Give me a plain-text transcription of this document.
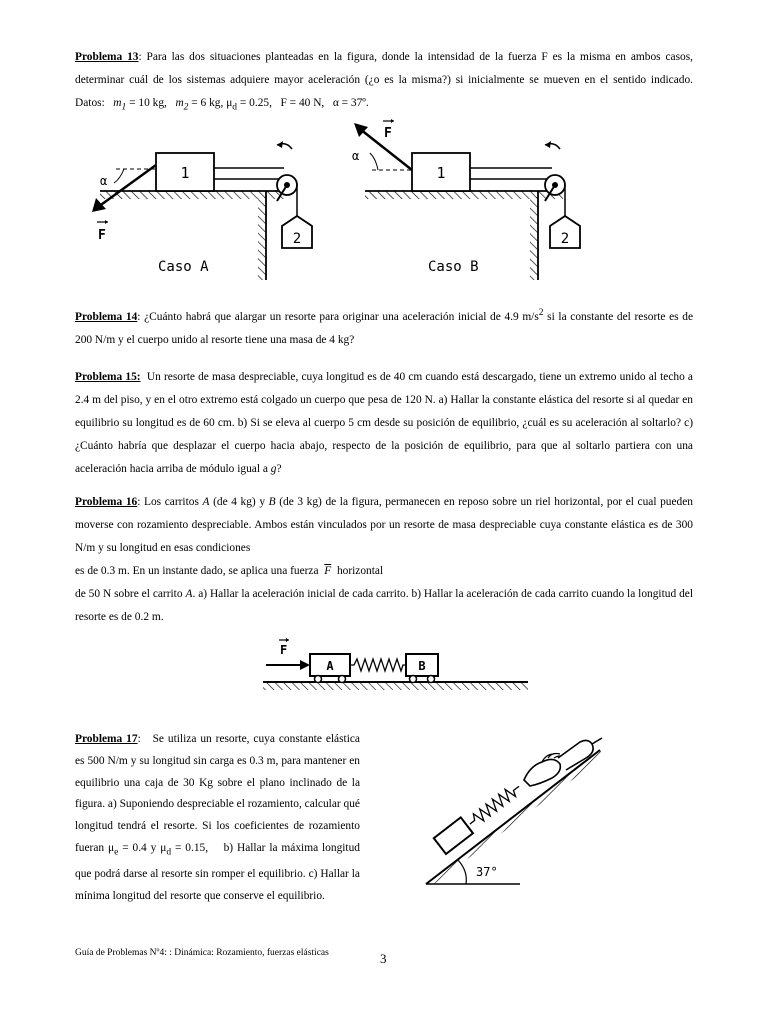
Problema 13: Para las dos situaciones planteadas en la figura, donde la intensidad de la fuerza F es la misma en ambos casos, determinar cuál de los sistemas adquiere mayor aceleración (¿o es la misma?) si inicialmente se mueven en el sentido indicado. Datos: $m_1 = 10$ kg, $m_2 = 6$ kg, $\mu_d = 0.25$, F = 40 N, α = 37º.

1
2
α
F
Caso A
1
2
α
F
Caso B

Problema 14: ¿Cuánto habrá que alargar un resorte para originar una aceleración inicial de 4.9 $m/s^2$ si la constante del resorte es de 200 N/m y el cuerpo unido al resorte tiene una masa de 4 kg?

Problema 15: Un resorte de masa despreciable, cuya longitud es de 40 cm cuando está descargado, tiene un extremo unido al techo a 2.4 m del piso, y en el otro extremo está colgado un cuerpo que pesa de 120 N. a) Hallar la constante elástica del resorte si al quedar en equilibrio su longitud es de 60 cm. b) Si se eleva al cuerpo 5 cm desde su posición de equilibrio, ¿cuál es su aceleración al soltarlo? c) ¿Cuánto habría que desplazar el cuerpo hacia abajo, respecto de la posición de equilibrio, para que al soltarlo partiera con una aceleración hacia arriba de módulo igual a g?

Problema 16: Los carritos A (de 4 kg) y B (de 3 kg) de la figura, permanecen en reposo sobre un riel horizontal, por el cual pueden moverse con rozamiento despreciable. Ambos están vinculados por un resorte de masa despreciable cuya constante elástica es de 300 N/m y su longitud en esas condiciones

es de 0.3 m. En un instante dado, se aplica una fuerza $\overline{F}$ horizontal

de 50 N sobre el carrito A. a) Hallar la aceleración inicial de cada carrito. b) Hallar la aceleración de cada carrito cuando la longitud del resorte es de 0.2 m.

A	B
F

Problema 17:   Se utiliza un resorte, cuya constante elástica es 500 N/m y su longitud sin carga es 0.3 m, para mantener en equilibrio una caja de 30 Kg sobre el plano inclinado de la figura. a) Suponiendo despreciable el rozamiento, calcular qué longitud tendrá el resorte. Si los coeficientes de rozamiento fueran $\mu_e = 0.4$ y $\mu_d = 0.15$, b) Hallar la máxima longitud que podrá darse al resorte sin romper el equilibrio. c) Hallar la mínima longitud del resorte que conserve el equilibrio.

37°
Guía de Problemas Nº4: : Dinámica: Rozamiento, fuerzas elásticas	3
